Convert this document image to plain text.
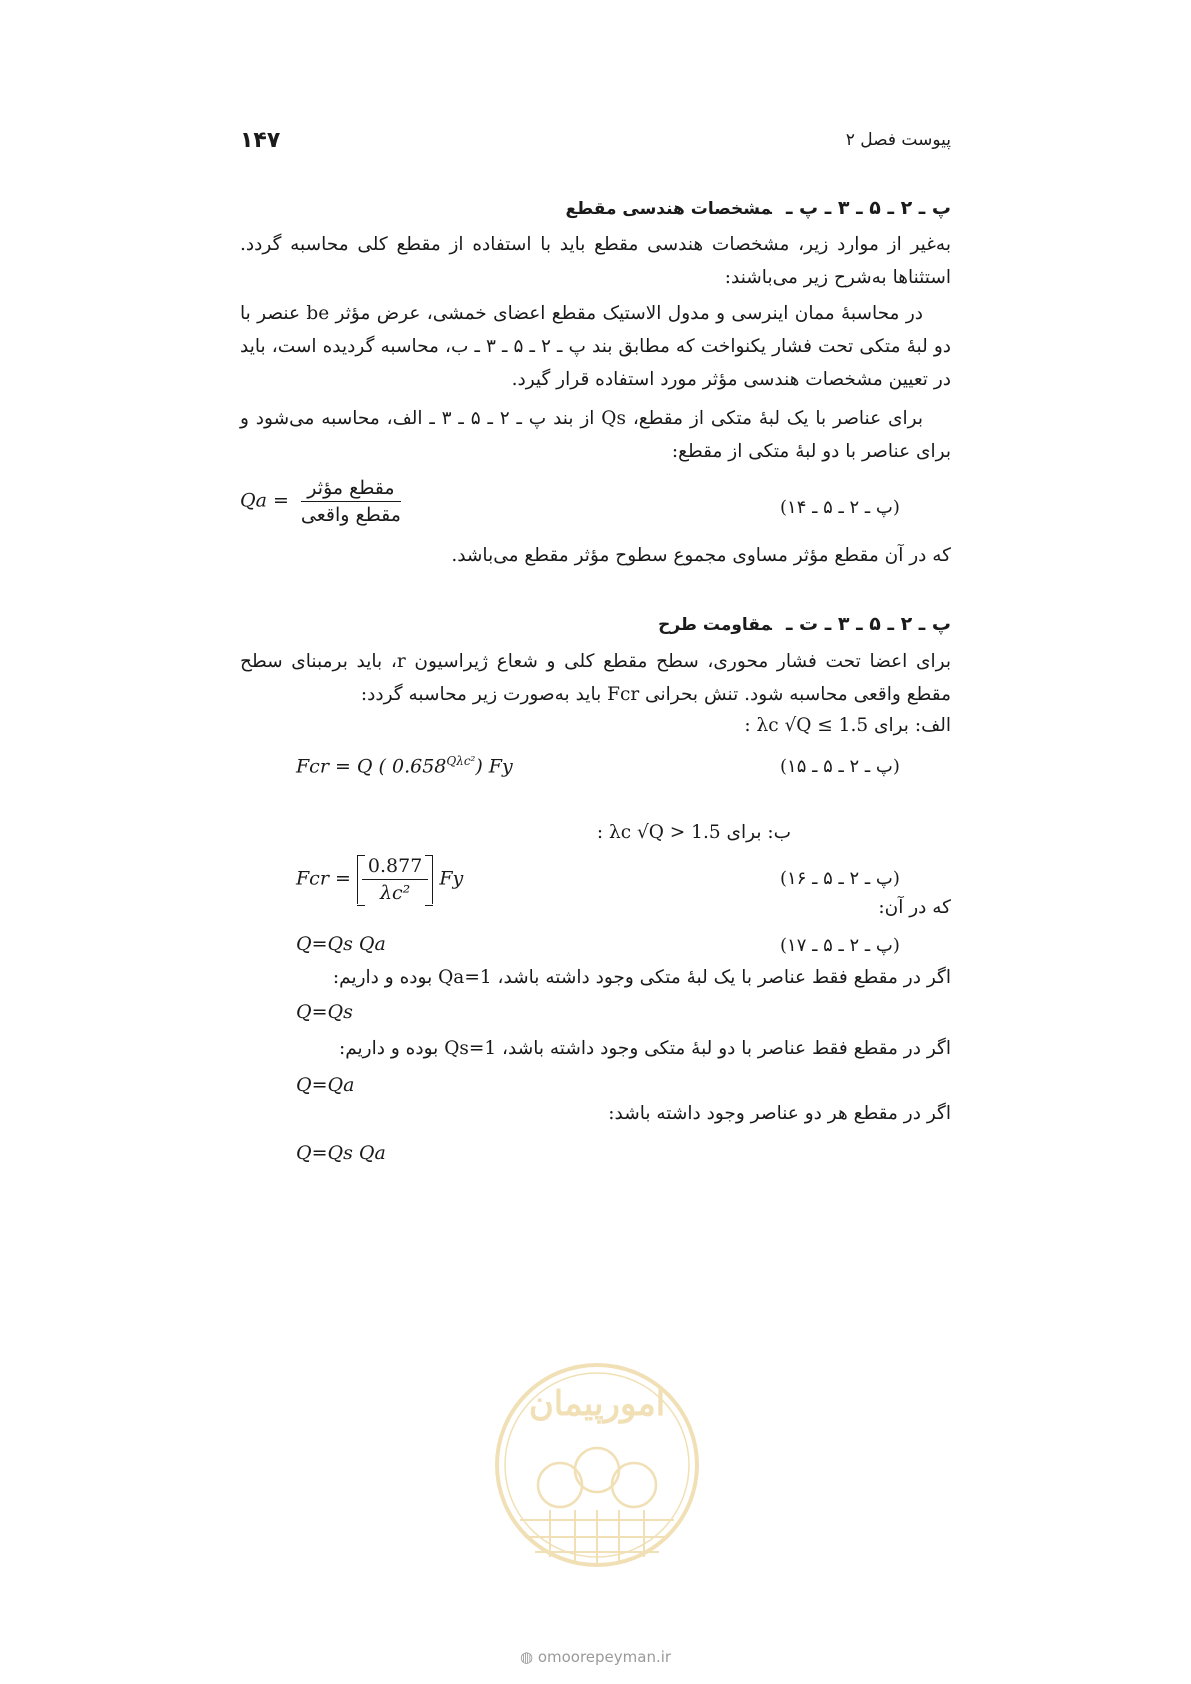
۱۴۷	پیوست فصل ۲
پ ـ ۲ ـ ۵ ـ ۳ ـ پ ـمشخصات هندسی مقطع
به‌غیر از موارد زیر، مشخصات هندسی مقطع باید با استفاده از مقطع کلی محاسبه گردد. استثناها به‌شرح زیر می‌باشند:
در محاسبهٔ ممان اینرسی و مدول الاستیک مقطع اعضای خمشی، عرض مؤثر be عنصر با دو لبهٔ متکی تحت فشار یکنواخت که مطابق بند پ ـ ۲ ـ ۵ ـ ۳ ـ ب، محاسبه گردیده است، باید در تعیین مشخصات هندسی مؤثر مورد استفاده قرار گیرد.
برای عناصر با یک لبهٔ متکی از مقطع، Qs از بند پ ـ ۲ ـ ۵ ـ ۳ ـ الف، محاسبه می‌شود و برای عناصر با دو لبهٔ متکی از مقطع:
$Qa = \frac{\text{مقطع مؤثر}}{\text{مقطع واقعی}}$	(پ ـ ۲ ـ ۵ ـ ۱۴)
که در آن مقطع مؤثر مساوی مجموع سطوح مؤثر مقطع می‌باشد.
پ ـ ۲ ـ ۵ ـ ۳ ـ ت ـمقاومت طرح
برای اعضا تحت فشار محوری، سطح مقطع کلی و شعاع ژیراسیون r، باید برمبنای سطح مقطع واقعی محاسبه شود. تنش بحرانی Fcr باید به‌صورت زیر محاسبه گردد:
الف: برای λc √Q ≤ 1.5 :
Fcr = Q ( $0.658^{Q\lambda c^2}$) Fy	(پ ـ ۲ ـ ۵ ـ ۱۵)
ب: برای λc √Q > 1.5 :
Fcr = $\frac{0.877}{\text{λc²}}$ Fy	(پ ـ ۲ ـ ۵ ـ ۱۶)
که در آن:
Q=Qs Qa	(پ ـ ۲ ـ ۵ ـ ۱۷)
اگر در مقطع فقط عناصر با یک لبهٔ متکی وجود داشته باشد، Qa=1 بوده و داریم:
Q=Qs
اگر در مقطع فقط عناصر با دو لبهٔ متکی وجود داشته باشد، Qs=1 بوده و داریم:
Q=Qa
اگر در مقطع هر دو عناصر وجود داشته باشد:
Q=Qs Qa
امورپیمان
◍ omoorepeyman.ir
